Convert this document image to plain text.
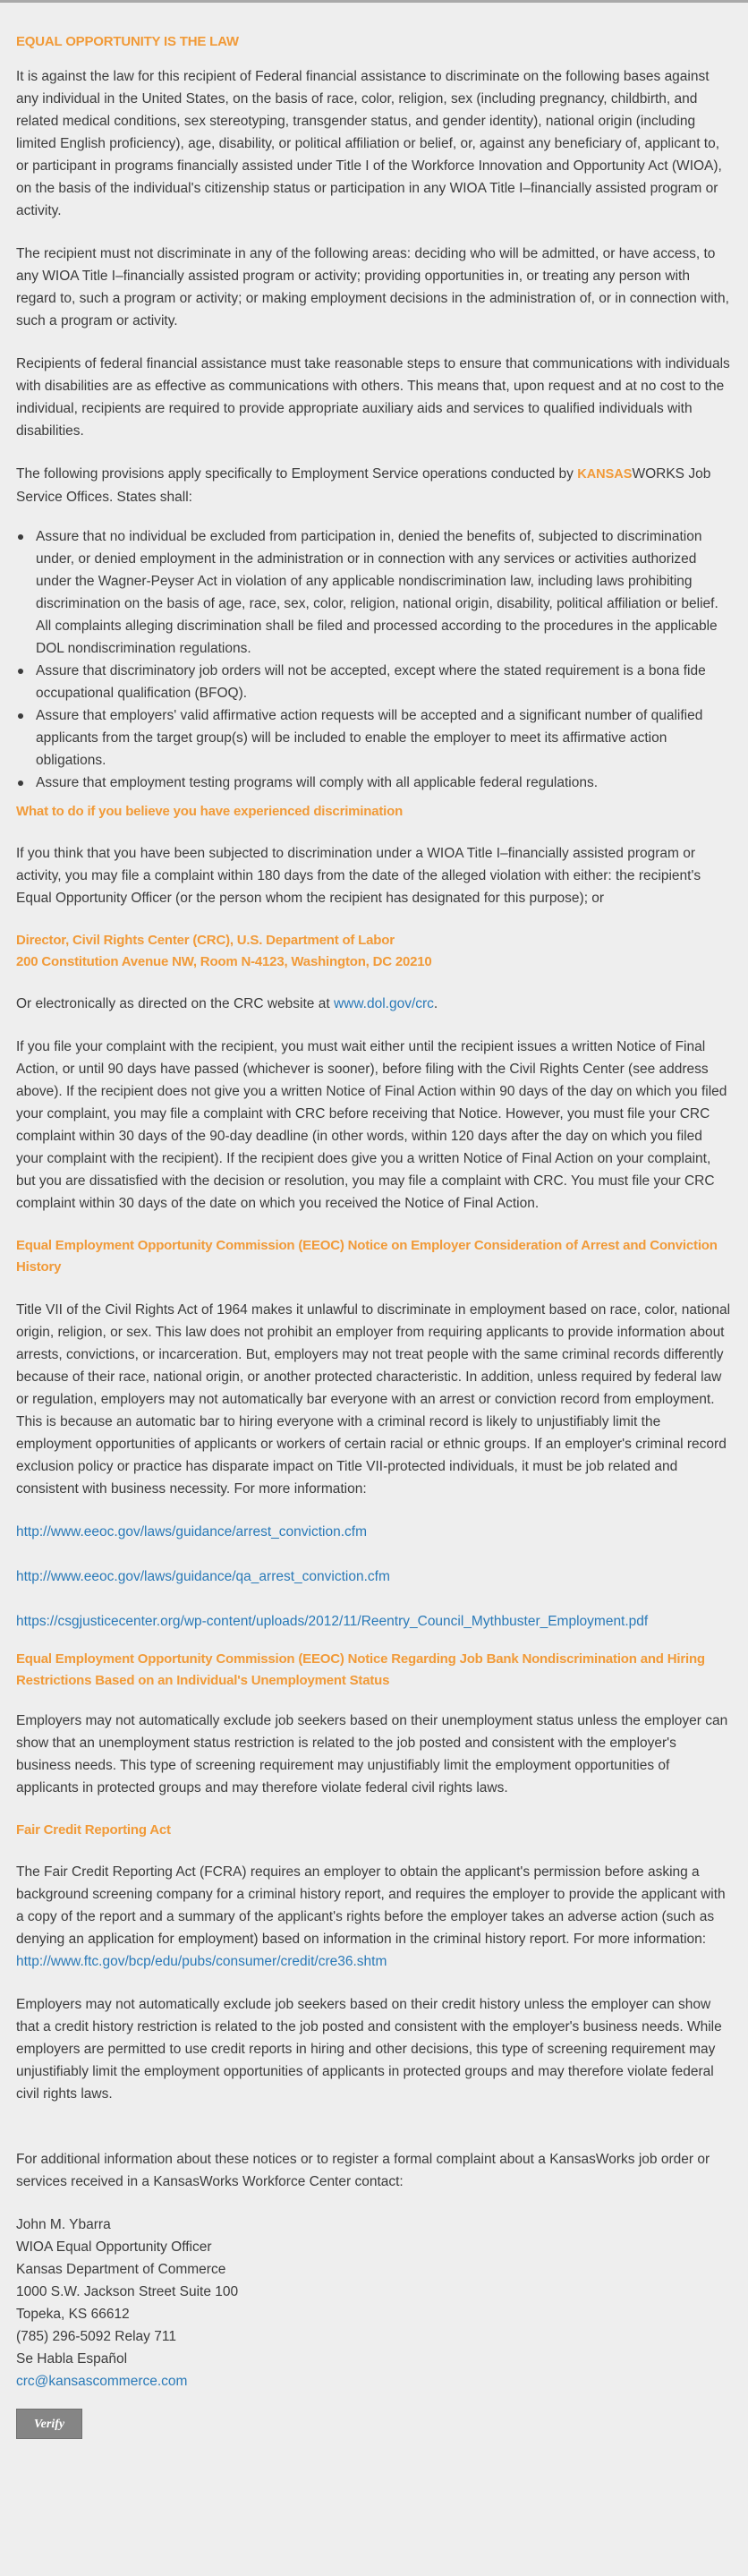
EQUAL OPPORTUNITY IS THE LAW

It is against the law for this recipient of Federal financial assistance to discriminate on the following bases against any individual in the United States, on the basis of race, color, religion, sex (including pregnancy, childbirth, and related medical conditions, sex stereotyping, transgender status, and gender identity), national origin (including limited English proficiency), age, disability, or political affiliation or belief, or, against any beneficiary of, applicant to, or participant in programs financially assisted under Title I of the Workforce Innovation and Opportunity Act (WIOA), on the basis of the individual's citizenship status or participation in any WIOA Title I–financially assisted program or activity.

The recipient must not discriminate in any of the following areas: deciding who will be admitted, or have access, to any WIOA Title I–financially assisted program or activity; providing opportunities in, or treating any person with regard to, such a program or activity; or making employment decisions in the administration of, or in connection with, such a program or activity.

Recipients of federal financial assistance must take reasonable steps to ensure that communications with individuals with disabilities are as effective as communications with others. This means that, upon request and at no cost to the individual, recipients are required to provide appropriate auxiliary aids and services to qualified individuals with disabilities.

The following provisions apply specifically to Employment Service operations conducted by KANSASWORKS Job Service Offices. States shall:

Assure that no individual be excluded from participation in, denied the benefits of, subjected to discrimination under, or denied employment in the administration or in connection with any services or activities authorized under the Wagner-Peyser Act in violation of any applicable nondiscrimination law, including laws prohibiting discrimination on the basis of age, race, sex, color, religion, national origin, disability, political affiliation or belief. All complaints alleging discrimination shall be filed and processed according to the procedures in the applicable DOL nondiscrimination regulations.
Assure that discriminatory job orders will not be accepted, except where the stated requirement is a bona fide occupational qualification (BFOQ).
Assure that employers' valid affirmative action requests will be accepted and a significant number of qualified applicants from the target group(s) will be included to enable the employer to meet its affirmative action obligations.
Assure that employment testing programs will comply with all applicable federal regulations.
What to do if you believe you have experienced discrimination

If you think that you have been subjected to discrimination under a WIOA Title I–financially assisted program or activity, you may file a complaint within 180 days from the date of the alleged violation with either: the recipient's Equal Opportunity Officer (or the person whom the recipient has designated for this purpose); or

Director, Civil Rights Center (CRC), U.S. Department of Labor
200 Constitution Avenue NW, Room N-4123, Washington, DC 20210

Or electronically as directed on the CRC website at www.dol.gov/crc.

If you file your complaint with the recipient, you must wait either until the recipient issues a written Notice of Final Action, or until 90 days have passed (whichever is sooner), before filing with the Civil Rights Center (see address above). If the recipient does not give you a written Notice of Final Action within 90 days of the day on which you filed your complaint, you may file a complaint with CRC before receiving that Notice. However, you must file your CRC complaint within 30 days of the 90-day deadline (in other words, within 120 days after the day on which you filed your complaint with the recipient). If the recipient does give you a written Notice of Final Action on your complaint, but you are dissatisfied with the decision or resolution, you may file a complaint with CRC. You must file your CRC complaint within 30 days of the date on which you received the Notice of Final Action.

Equal Employment Opportunity Commission (EEOC) Notice on Employer Consideration of Arrest and Conviction History

Title VII of the Civil Rights Act of 1964 makes it unlawful to discriminate in employment based on race, color, national origin, religion, or sex. This law does not prohibit an employer from requiring applicants to provide information about arrests, convictions, or incarceration. But, employers may not treat people with the same criminal records differently because of their race, national origin, or another protected characteristic. In addition, unless required by federal law or regulation, employers may not automatically bar everyone with an arrest or conviction record from employment. This is because an automatic bar to hiring everyone with a criminal record is likely to unjustifiably limit the employment opportunities of applicants or workers of certain racial or ethnic groups. If an employer's criminal record exclusion policy or practice has disparate impact on Title VII-protected individuals, it must be job related and consistent with business necessity. For more information:

http://www.eeoc.gov/laws/guidance/arrest_conviction.cfm
http://www.eeoc.gov/laws/guidance/qa_arrest_conviction.cfm
https://csgjusticecenter.org/wp-content/uploads/2012/11/Reentry_Council_Mythbuster_Employment.pdf
Equal Employment Opportunity Commission (EEOC) Notice Regarding Job Bank Nondiscrimination and Hiring Restrictions Based on an Individual's Unemployment Status

Employers may not automatically exclude job seekers based on their unemployment status unless the employer can show that an unemployment status restriction is related to the job posted and consistent with the employer's business needs. This type of screening requirement may unjustifiably limit the employment opportunities of applicants in protected groups and may therefore violate federal civil rights laws.

Fair Credit Reporting Act

The Fair Credit Reporting Act (FCRA) requires an employer to obtain the applicant's permission before asking a background screening company for a criminal history report, and requires the employer to provide the applicant with a copy of the report and a summary of the applicant's rights before the employer takes an adverse action (such as denying an application for employment) based on information in the criminal history report. For more information:

http://www.ftc.gov/bcp/edu/pubs/consumer/credit/cre36.shtm

Employers may not automatically exclude job seekers based on their credit history unless the employer can show that a credit history restriction is related to the job posted and consistent with the employer's business needs. While employers are permitted to use credit reports in hiring and other decisions, this type of screening requirement may unjustifiably limit the employment opportunities of applicants in protected groups and may therefore violate federal civil rights laws.

For additional information about these notices or to register a formal complaint about a KansasWorks job order or services received in a KansasWorks Workforce Center contact:

John M. Ybarra

WIOA Equal Opportunity Officer

Kansas Department of Commerce

1000 S.W. Jackson Street Suite 100

Topeka, KS 66612

(785) 296-5092 Relay 711

Se Habla Español

crc@kansascommerce.com

Verify
